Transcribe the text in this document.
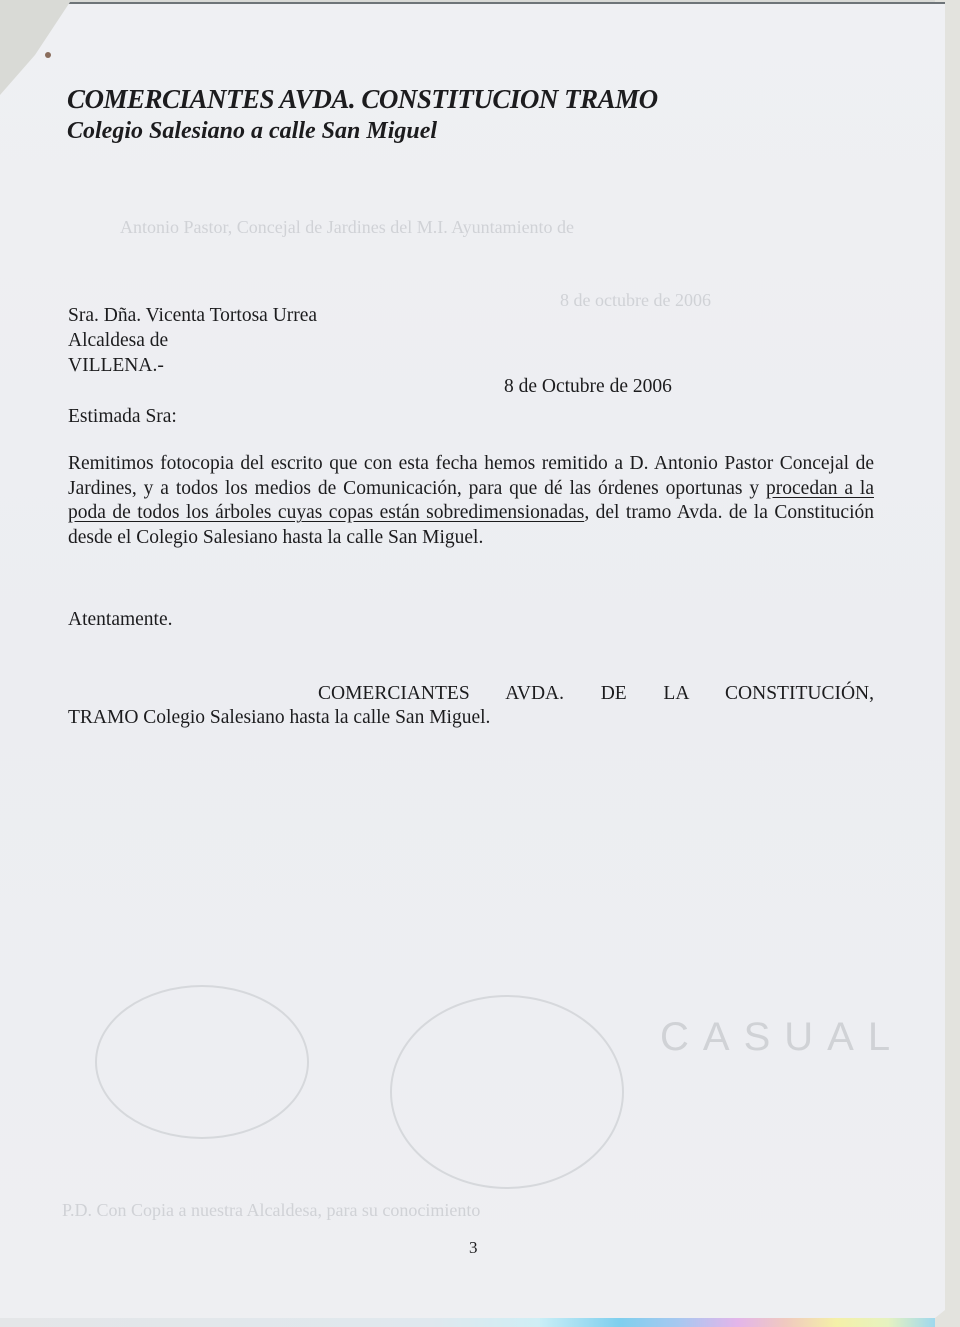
Antonio Pastor, Concejal de Jardines del M.I. Ayuntamiento de
8 de octubre de 2006
CASUAL
P.D. Con Copia a nuestra Alcaldesa, para su conocimiento
COMERCIANTES AVDA. CONSTITUCION TRAMO
Colegio Salesiano a calle San Miguel
Sra. Dña. Vicenta Tortosa Urrea
Alcaldesa de
VILLENA.-
8 de Octubre de 2006
Estimada Sra:
Remitimos fotocopia del escrito que con esta fecha hemos remitido a D. Antonio Pastor Concejal de Jardines, y a todos los medios de Comunicación, para que dé las órdenes oportunas y procedan a la poda de todos los árboles cuyas copas están sobredimensionadas, del tramo Avda. de la Constitución desde el Colegio Salesiano hasta la calle San Miguel.
Atentamente.
COMERCIANTES AVDA. DE LA CONSTITUCIÓN,
TRAMO Colegio Salesiano hasta la calle San Miguel.
3
